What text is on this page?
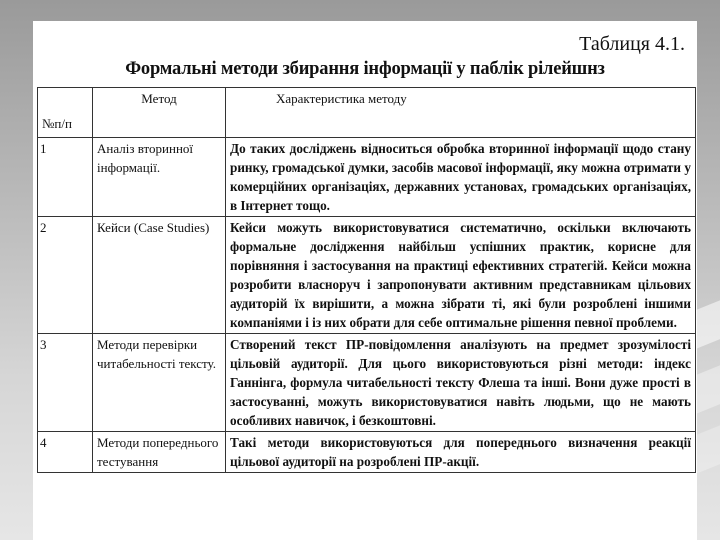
Таблиця 4.1.
Формальні методи збирання інформації у паблік рілейшнз
№п/п	Метод	Характеристика методу
1	Аналіз вторинної інформації.	До таких досліджень відноситься обробка вторинної інформації щодо стану ринку, громадської думки, засобів масової інформації, яку можна отримати у комерційних організаціях, державних установах, громадських організаціях, в Інтернет тощо.
2	Кейси (Case Studies)	Кейси можуть використовуватися систематично, оскільки включають формальне дослідження найбільш успішних практик, корисне для порівняння і застосування на практиці ефективних стратегій. Кейси можна розробити власноруч і запропонувати активним представникам цільових аудиторій їх вирішити, а можна зібрати ті, які були розроблені іншими компаніями і із них обрати для себе оптимальне рішення певної проблеми.
3	Методи перевірки читабельності тексту.	Створений текст ПР-повідомлення аналізують на предмет зрозумілості цільовій аудиторії. Для цього використовуються різні методи: індекс Ганнінга, формула читабельності тексту Флеша та інші. Вони дуже прості в застосуванні, можуть використовуватися навіть людьми, що не мають особливих навичок, і безкоштовні.
4	Методи попереднього тестування	Такі методи використовуються для попереднього визначення реакції цільової аудиторії на розроблені ПР-акції.
